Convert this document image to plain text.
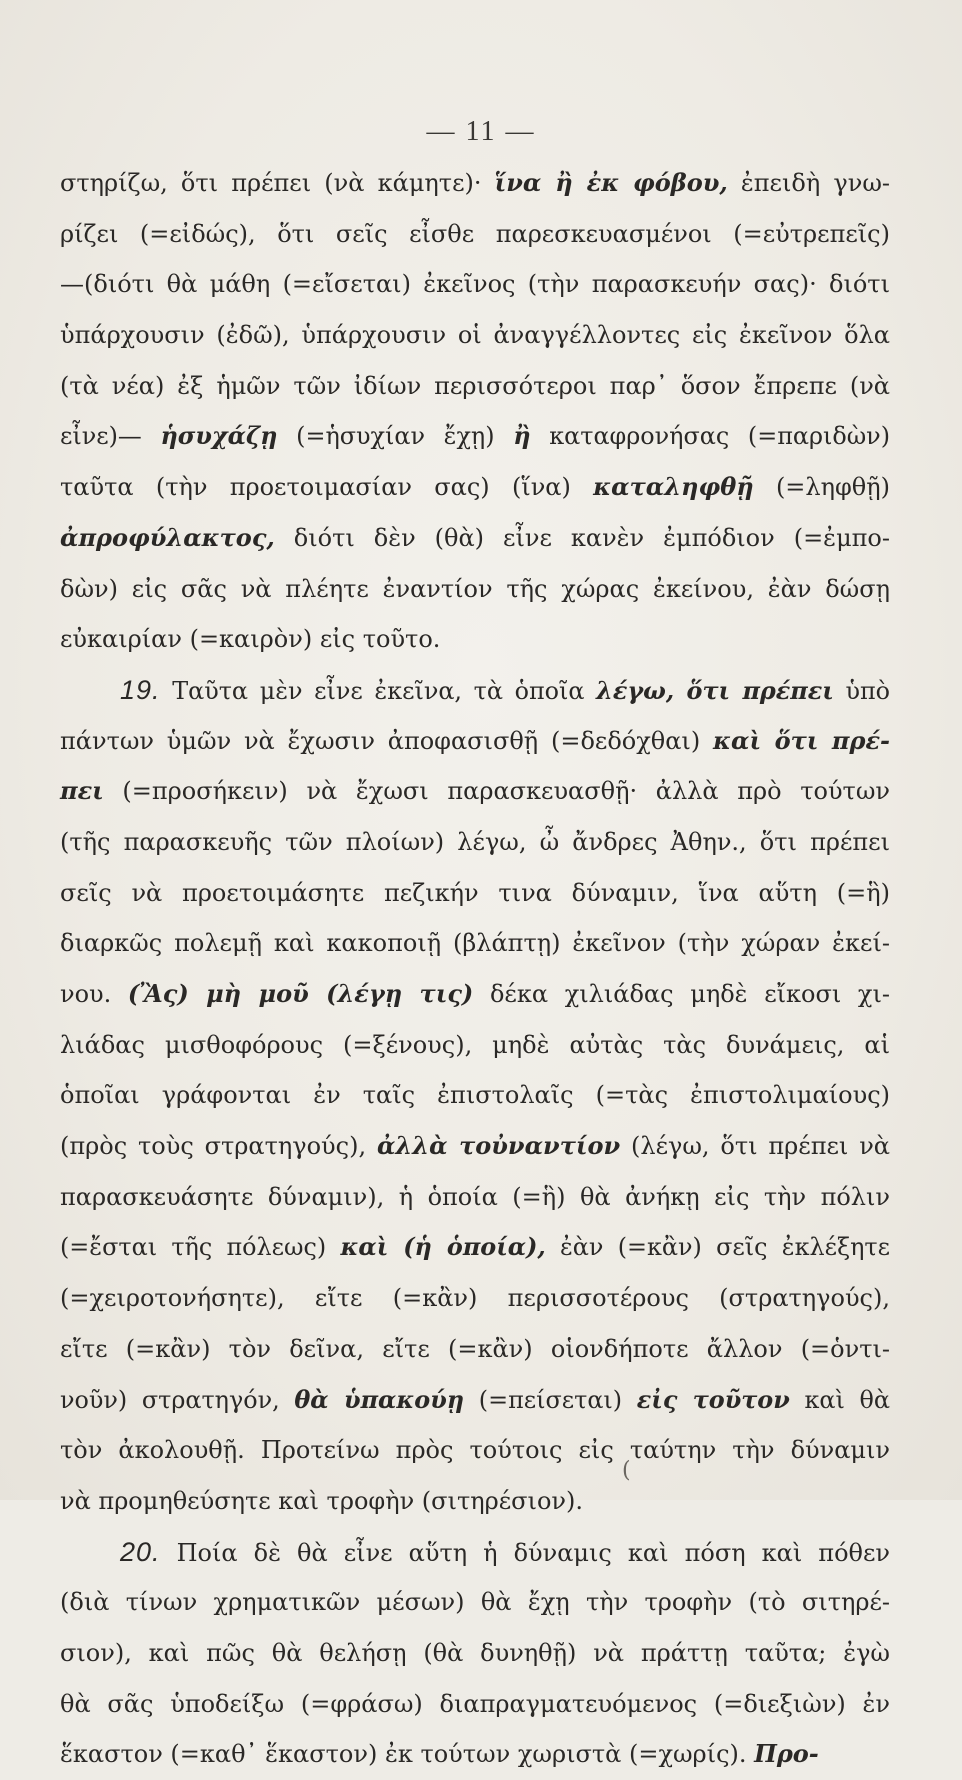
— 11 —
στηρίζω, ὅτι πρέπει (νὰ κάμητε)· ἵνα ἢ ἐκ φόβου, ἐπειδὴ γνω-
ρίζει (=εἰδώς), ὅτι σεῖς εἶσθε παρεσκευασμένοι (=εὐτρεπεῖς)
—(διότι θὰ μάθη (=εἴσεται) ἐκεῖνος (τὴν παρασκευήν σας)· διότι
ὑπάρχουσιν (ἐδῶ), ὑπάρχουσιν οἱ ἀναγγέλλοντες εἰς ἐκεῖνον ὅλα
(τὰ νέα) ἐξ ἡμῶν τῶν ἰδίων περισσότεροι παρ᾽ ὅσον ἔπρεπε (νὰ
εἶνε)— ἡσυχάζῃ (=ἡσυχίαν ἔχῃ) ἢ καταφρονήσας (=παριδὼν)
ταῦτα (τὴν προετοιμασίαν σας) (ἵνα) καταληφθῇ (=ληφθῇ)
ἀπροφύλακτος, διότι δὲν (θὰ) εἶνε κανὲν ἐμπόδιον (=ἐμπο-
δὼν) εἰς σᾶς νὰ πλέητε ἐναντίον τῆς χώρας ἐκείνου, ἐὰν δώσῃ
εὐκαιρίαν (=καιρὸν) εἰς τοῦτο.
19. Ταῦτα μὲν εἶνε ἐκεῖνα, τὰ ὁποῖα λέγω, ὅτι πρέπει ὑπὸ
πάντων ὑμῶν νὰ ἔχωσιν ἀποφασισθῇ (=δεδόχθαι) καὶ ὅτι πρέ-
πει (=προσήκειν) νὰ ἔχωσι παρασκευασθῇ· ἀλλὰ πρὸ τούτων
(τῆς παρασκευῆς τῶν πλοίων) λέγω, ὦ ἄνδρες Ἀθην., ὅτι πρέπει
σεῖς νὰ προετοιμάσητε πεζικήν τινα δύναμιν, ἵνα αὕτη (=ἣ)
διαρκῶς πολεμῇ καὶ κακοποιῇ (βλάπτῃ) ἐκεῖνον (τὴν χώραν ἐκεί-
νου. (Ἂς) μὴ μοῦ (λέγῃ τις) δέκα χιλιάδας μηδὲ εἴκοσι χι-
λιάδας μισθοφόρους (=ξένους), μηδὲ αὐτὰς τὰς δυνάμεις, αἱ
ὁποῖαι γράφονται ἐν ταῖς ἐπιστολαῖς (=τὰς ἐπιστολιμαίους)
(πρὸς τοὺς στρατηγούς), ἀλλὰ τοὐναντίον (λέγω, ὅτι πρέπει νὰ
παρασκευάσητε δύναμιν), ἡ ὁποία (=ἣ) θὰ ἀνήκῃ εἰς τὴν πόλιν
(=ἔσται τῆς πόλεως) καὶ (ἡ ὁποία), ἐὰν (=κἂν) σεῖς ἐκλέξητε
(=χειροτονήσητε), εἴτε (=κἂν) περισσοτέρους (στρατηγούς),
εἴτε (=κἂν) τὸν δεῖνα, εἴτε (=κἂν) οἱονδήποτε ἄλλον (=ὁντι-
νοῦν) στρατηγόν, θὰ ὑπακούῃ (=πείσεται) εἰς τοῦτον καὶ θὰ
τὸν ἀκολουθῇ. Προτείνω πρὸς τούτοις εἰς ταύτην τὴν δύναμιν
νὰ προμηθεύσητε καὶ τροφὴν (σιτηρέσιον).
20. Ποία δὲ θὰ εἶνε αὕτη ἡ δύναμις καὶ πόση καὶ πόθεν
(διὰ τίνων χρηματικῶν μέσων) θὰ ἔχῃ τὴν τροφὴν (τὸ σιτηρέ-
σιον), καὶ πῶς θὰ θελήσῃ (θὰ δυνηθῇ) νὰ πράττῃ ταῦτα; ἐγὼ
θὰ σᾶς ὑποδείξω (=φράσω) διαπραγματευόμενος (=διεξιὼν) ἐν
ἕκαστον (=καθ᾽ ἕκαστον) ἐκ τούτων χωριστὰ (=χωρίς). Προ-
(
